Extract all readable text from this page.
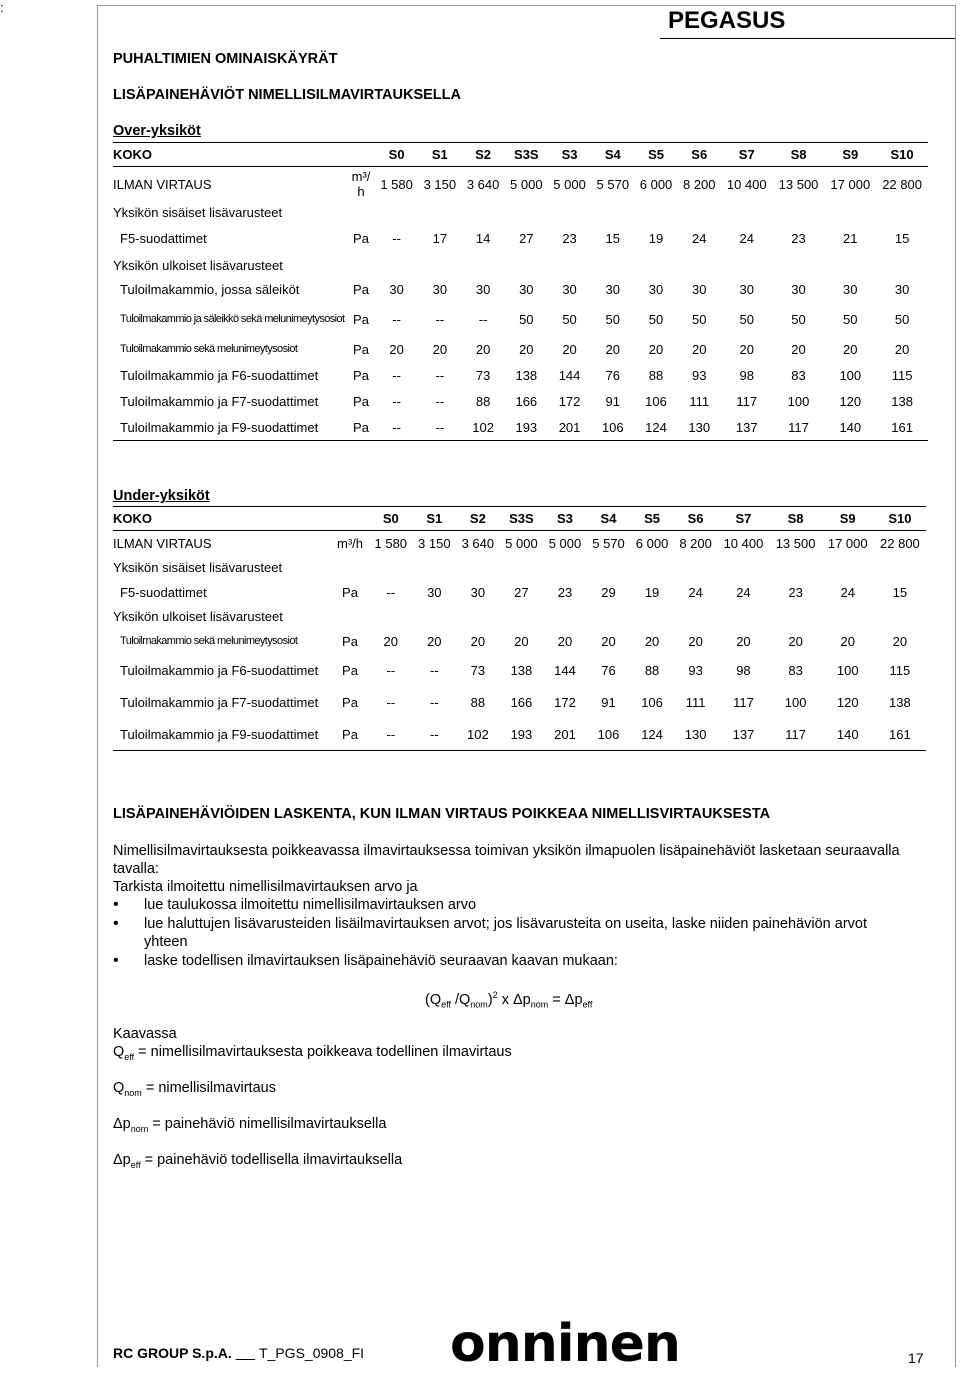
:	PEGASUS
PUHALTIMIEN OMINAISKÄYRÄT
LISÄPAINEHÄVIÖT NIMELLISILMAVIRTAUKSELLA
Over-yksiköt
KOKO		S0	S1	S2	S3S	S3	S4	S5	S6	S7	S8	S9	S10
ILMAN VIRTAUS	m³/ h	1 580	3 150	3 640	5 000	5 000	5 570	6 000	8 200	10 400	13 500	17 000	22 800
Yksikön sisäiset lisävarusteet													
F5-suodattimet	Pa	--	17	14	27	23	15	19	24	24	23	21	15
Yksikön ulkoiset lisävarusteet													
Tuloilmakammio, jossa säleiköt	Pa	30	30	30	30	30	30	30	30	30	30	30	30
Tuloilmakammio ja säleikkö sekä melunimeytysosiot	Pa	--	--	--	50	50	50	50	50	50	50	50	50
Tuloilmakammio sekä melunimeytysosiot	Pa	20	20	20	20	20	20	20	20	20	20	20	20
Tuloilmakammio ja F6-suodattimet	Pa	--	--	73	138	144	76	88	93	98	83	100	115
Tuloilmakammio ja F7-suodattimet	Pa	--	--	88	166	172	91	106	111	117	100	120	138
Tuloilmakammio ja F9-suodattimet	Pa	--	--	102	193	201	106	124	130	137	117	140	161
Under-yksiköt
KOKO		S0	S1	S2	S3S	S3	S4	S5	S6	S7	S8	S9	S10
ILMAN VIRTAUS	m³/h	1 580	3 150	3 640	5 000	5 000	5 570	6 000	8 200	10 400	13 500	17 000	22 800
Yksikön sisäiset lisävarusteet													
F5-suodattimet	Pa	--	30	30	27	23	29	19	24	24	23	24	15
Yksikön ulkoiset lisävarusteet													
Tuloilmakammio sekä melunimeytysosiot	Pa	20	20	20	20	20	20	20	20	20	20	20	20
Tuloilmakammio ja F6-suodattimet	Pa	--	--	73	138	144	76	88	93	98	83	100	115
Tuloilmakammio ja F7-suodattimet	Pa	--	--	88	166	172	91	106	111	117	100	120	138
Tuloilmakammio ja F9-suodattimet	Pa	--	--	102	193	201	106	124	130	137	117	140	161
LISÄPAINEHÄVIÖIDEN LASKENTA, KUN ILMAN VIRTAUS POIKKEAA NIMELLISVIRTAUKSESTA
Nimellisilmavirtauksesta poikkeavassa ilmavirtauksessa toimivan yksikön ilmapuolen lisäpainehäviöt lasketaan seuraavalla tavalla:
Tarkista ilmoitettu nimellisilmavirtauksen arvo ja
• lue taulukossa ilmoitettu nimellisilmavirtauksen arvo
• lue haluttujen lisävarusteiden lisäilmavirtauksen arvot; jos lisävarusteita on useita, laske niiden painehäviön arvot yhteen
• laske todellisen ilmavirtauksen lisäpainehäviö seuraavan kaavan mukaan:
($Q_{eff}$ $/Q_{nom})^2$ x $\Delta p_{nom} = \Delta p_{eff}$
Kaavassa
$Q_{eff}$ = nimellisilmavirtauksesta poikkeava todellinen ilmavirtaus
$Q_{nom}$ = nimellisilmavirtaus
$\Delta p_{nom}$ = painehäviö nimellisilmavirtauksella
$\Delta p_{eff}$ = painehäviö todellisella ilmavirtauksella
RC GROUP S.p.A. T_PGS_0908_FI onninen	17
